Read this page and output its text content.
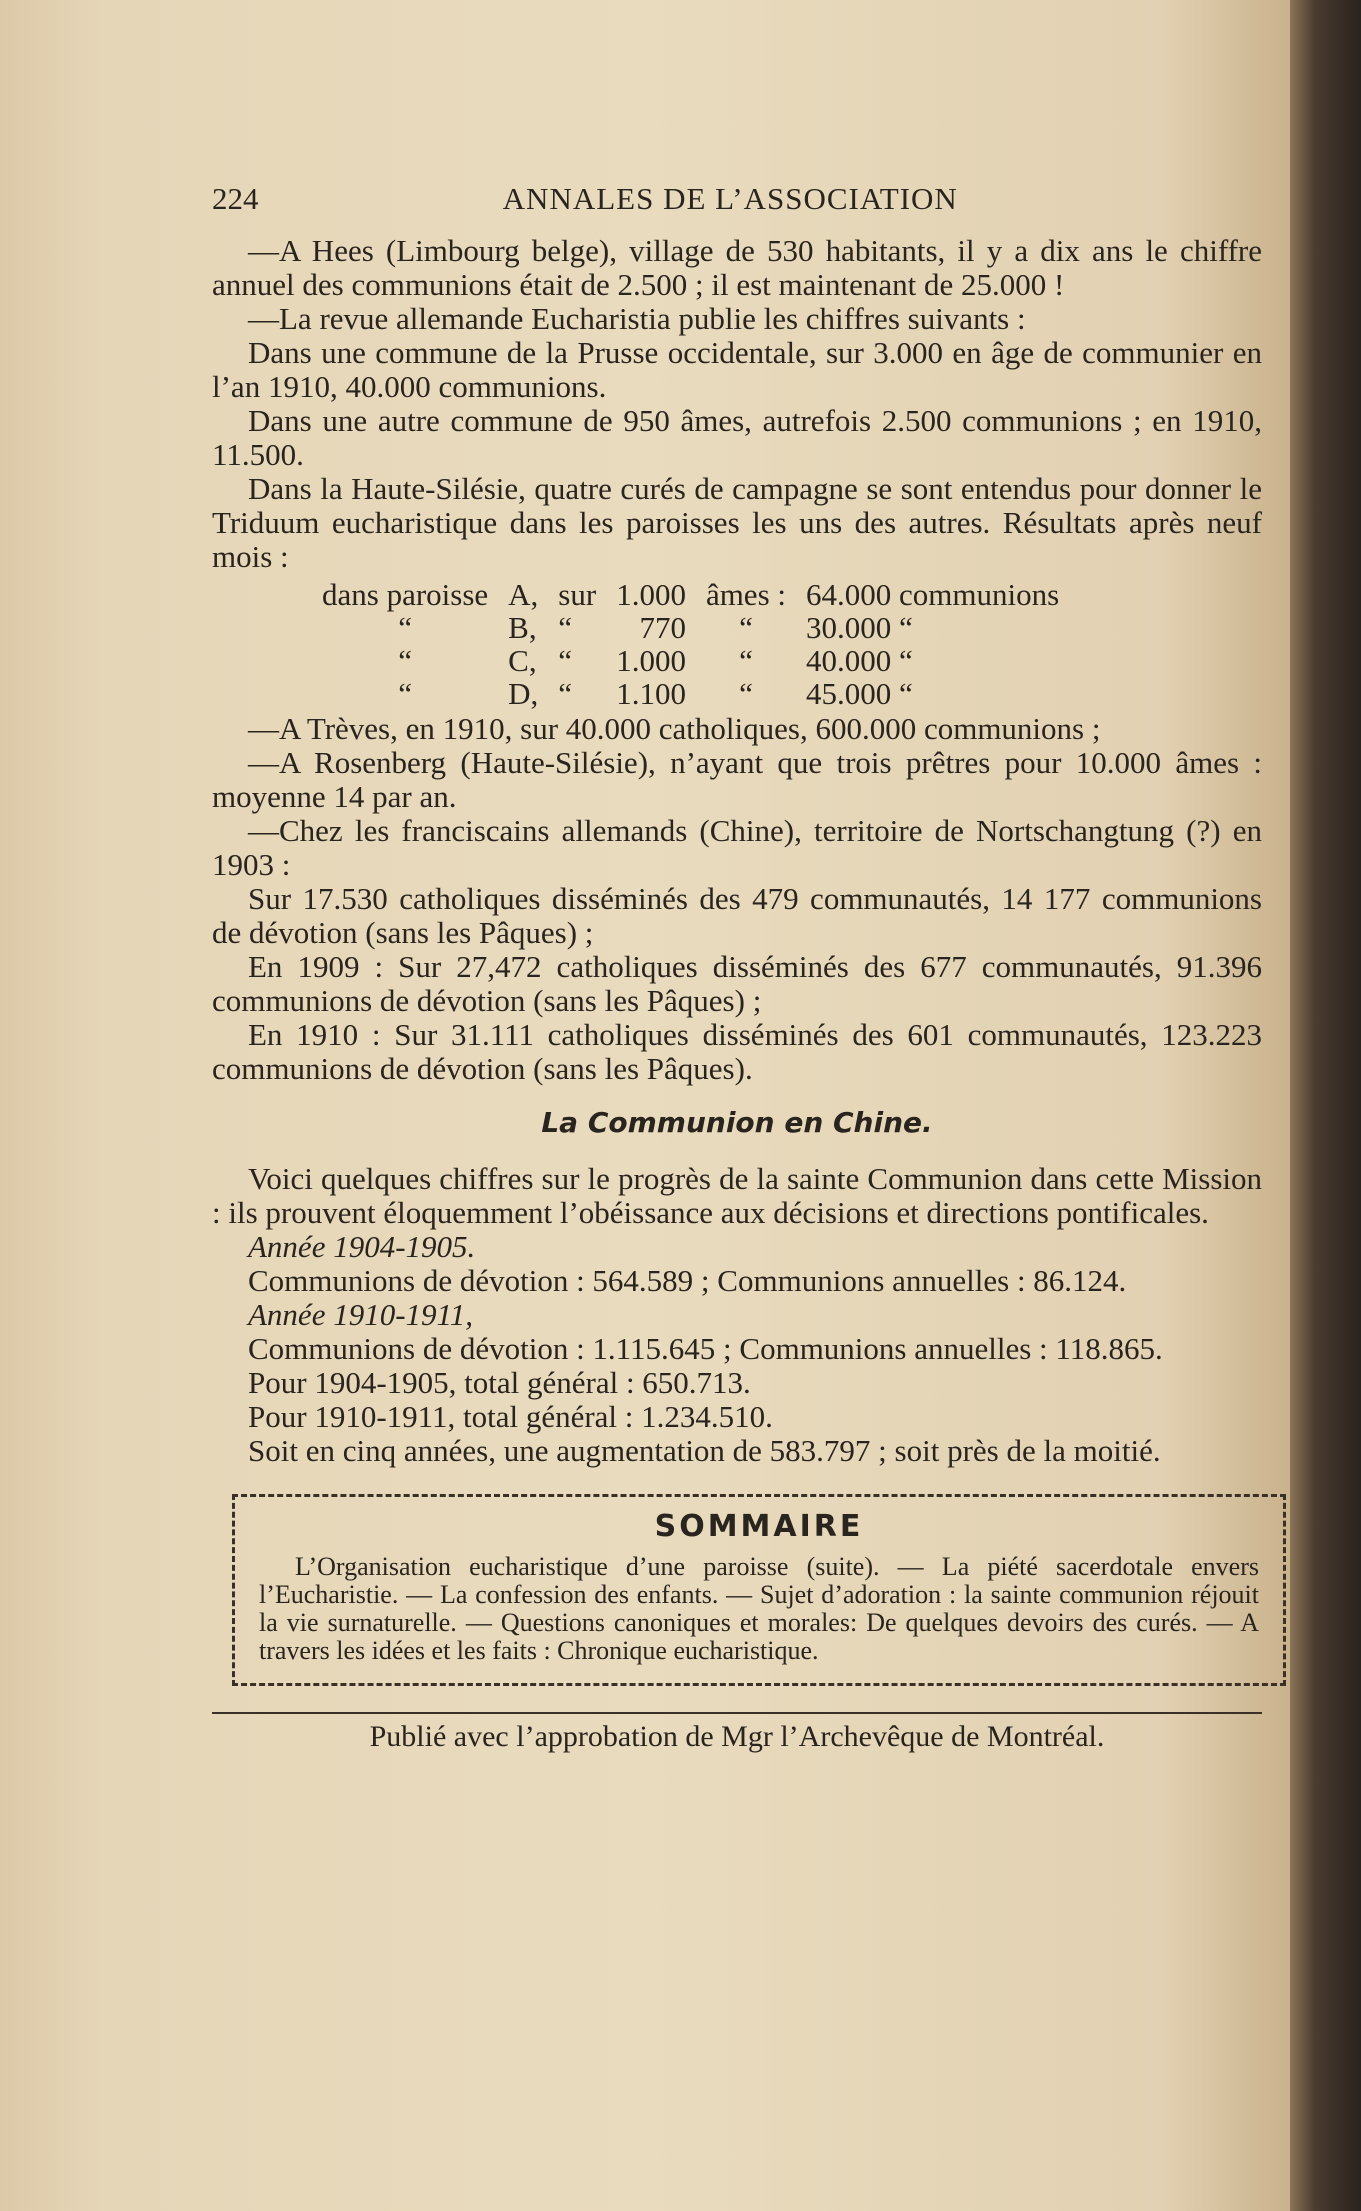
224	ANNALES DE L’ASSOCIATION

—A Hees (Limbourg belge), village de 530 habitants, il y a dix ans le chiffre annuel des communions était de 2.500 ; il est maintenant de 25.000 !

—La revue allemande Eucharistia publie les chiffres suivants :

Dans une commune de la Prusse occidentale, sur 3.000 en âge de communier en l’an 1910, 40.000 communions.

Dans une autre commune de 950 âmes, autrefois 2.500 communions ; en 1910, 11.500.

Dans la Haute-Silésie, quatre curés de campagne se sont entendus pour donner le Triduum eucharistique dans les paroisses les uns des autres. Résultats après neuf mois :

dans paroisse	A,	sur	1.000	âmes :	64.000 communions
“	B,	“	770	“	30.000 “
“	C,	“	1.000	“	40.000 “
“	D,	“	1.100	“	45.000 “

—A Trèves, en 1910, sur 40.000 catholiques, 600.000 communions ;

—A Rosenberg (Haute-Silésie), n’ayant que trois prêtres pour 10.000 âmes : moyenne 14 par an.

—Chez les franciscains allemands (Chine), territoire de Nortschangtung (?) en 1903 :

Sur 17.530 catholiques disséminés des 479 communautés, 14 177 communions de dévotion (sans les Pâques) ;

En 1909 : Sur 27,472 catholiques disséminés des 677 communautés, 91.396 communions de dévotion (sans les Pâques) ;

En 1910 : Sur 31.111 catholiques disséminés des 601 communautés, 123.223 communions de dévotion (sans les Pâques).

La Communion en Chine.

Voici quelques chiffres sur le progrès de la sainte Communion dans cette Mission : ils prouvent éloquemment l’obéissance aux décisions et directions pontificales.

Année 1904-1905.

Communions de dévotion : 564.589 ; Communions annuelles : 86.124.

Année 1910-1911,

Communions de dévotion : 1.115.645 ; Communions annuelles : 118.865.

Pour 1904-1905, total général : 650.713.

Pour 1910-1911, total général : 1.234.510.

Soit en cinq années, une augmentation de 583.797 ; soit près de la moitié.

SOMMAIRE

L’Organisation eucharistique d’une paroisse (suite). — La piété sacerdotale envers l’Eucharistie. — La confession des enfants. — Sujet d’adoration : la sainte communion réjouit la vie surnaturelle. — Questions canoniques et morales: De quelques devoirs des curés. — A travers les idées et les faits : Chronique eucharistique.

Publié avec l’approbation de Mgr l’Archevêque de Montréal.
